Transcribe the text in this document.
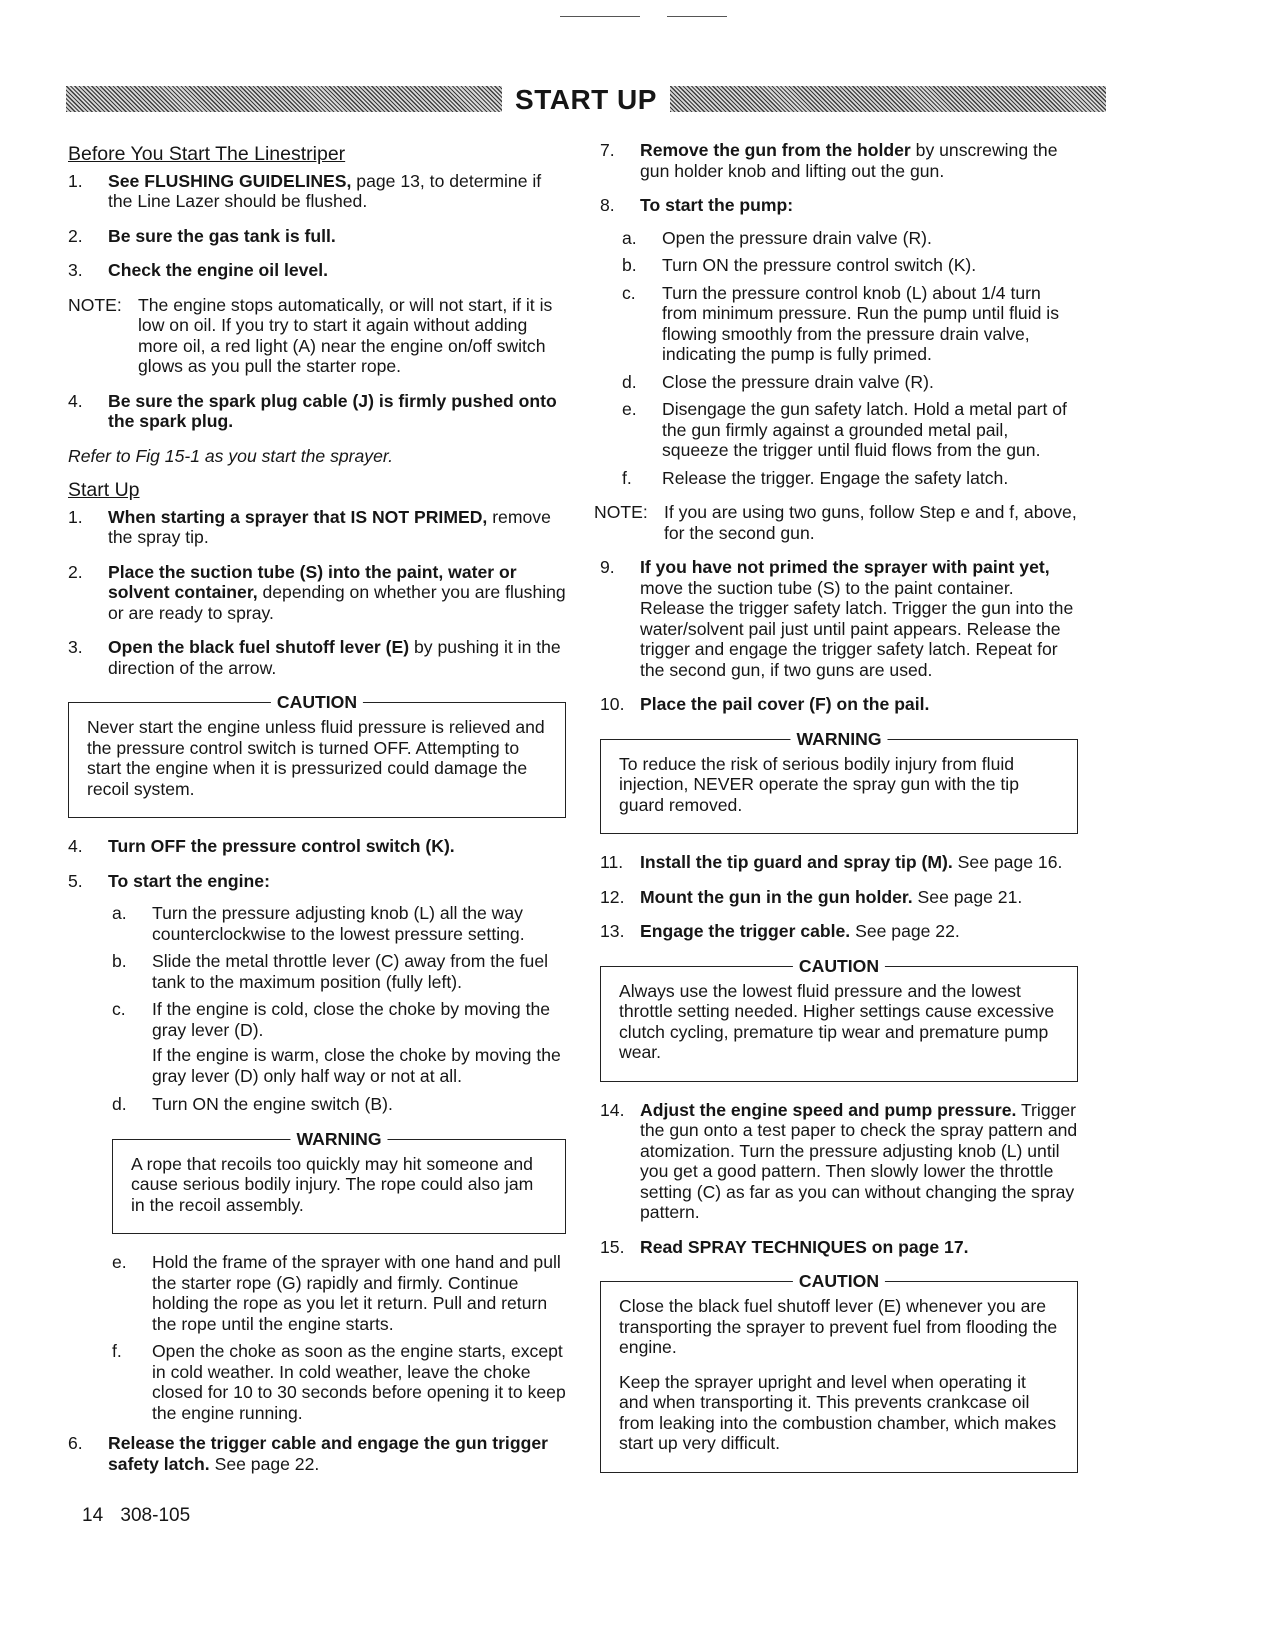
START UP
Before You Start The Linestriper
1. See FLUSHING GUIDELINES, page 13, to determine if the Line Lazer should be flushed.
2. Be sure the gas tank is full.
3. Check the engine oil level.
NOTE: The engine stops automatically, or will not start, if it is low on oil. If you try to start it again without adding more oil, a red light (A) near the engine on/off switch glows as you pull the starter rope.
4. Be sure the spark plug cable (J) is firmly pushed onto the spark plug.
Refer to Fig 15-1 as you start the sprayer.
Start Up
1. When starting a sprayer that IS NOT PRIMED, remove the spray tip.
2. Place the suction tube (S) into the paint, water or solvent container, depending on whether you are flushing or are ready to spray.
3. Open the black fuel shutoff lever (E) by pushing it in the direction of the arrow.
CAUTION
Never start the engine unless fluid pressure is relieved and the pressure control switch is turned OFF. Attempting to start the engine when it is pressurized could damage the recoil system.
4. Turn OFF the pressure control switch (K).
5. To start the engine:
a. Turn the pressure adjusting knob (L) all the way counterclockwise to the lowest pressure setting.
b. Slide the metal throttle lever (C) away from the fuel tank to the maximum position (fully left).
c. If the engine is cold, close the choke by moving the gray lever (D).
If the engine is warm, close the choke by moving the gray lever (D) only half way or not at all.
d. Turn ON the engine switch (B).
WARNING
A rope that recoils too quickly may hit someone and cause serious bodily injury. The rope could also jam in the recoil assembly.
e. Hold the frame of the sprayer with one hand and pull the starter rope (G) rapidly and firmly. Continue holding the rope as you let it return. Pull and return the rope until the engine starts.
f. Open the choke as soon as the engine starts, except in cold weather. In cold weather, leave the choke closed for 10 to 30 seconds before opening it to keep the engine running.
6. Release the trigger cable and engage the gun trigger safety latch. See page 22.
7. Remove the gun from the holder by unscrewing the gun holder knob and lifting out the gun.
8. To start the pump:
a. Open the pressure drain valve (R).
b. Turn ON the pressure control switch (K).
c. Turn the pressure control knob (L) about 1/4 turn from minimum pressure. Run the pump until fluid is flowing smoothly from the pressure drain valve, indicating the pump is fully primed.
d. Close the pressure drain valve (R).
e. Disengage the gun safety latch. Hold a metal part of the gun firmly against a grounded metal pail, squeeze the trigger until fluid flows from the gun.
f. Release the trigger. Engage the safety latch.
NOTE: If you are using two guns, follow Step e and f, above, for the second gun.
9. If you have not primed the sprayer with paint yet, move the suction tube (S) to the paint container. Release the trigger safety latch. Trigger the gun into the water/solvent pail just until paint appears. Release the trigger and engage the trigger safety latch. Repeat for the second gun, if two guns are used.
10. Place the pail cover (F) on the pail.
WARNING
To reduce the risk of serious bodily injury from fluid injection, NEVER operate the spray gun with the tip guard removed.
11. Install the tip guard and spray tip (M). See page 16.
12. Mount the gun in the gun holder. See page 21.
13. Engage the trigger cable. See page 22.
CAUTION
Always use the lowest fluid pressure and the lowest throttle setting needed. Higher settings cause excessive clutch cycling, premature tip wear and premature pump wear.
14. Adjust the engine speed and pump pressure. Trigger the gun onto a test paper to check the spray pattern and atomization. Turn the pressure adjusting knob (L) until you get a good pattern. Then slowly lower the throttle setting (C) as far as you can without changing the spray pattern.
15. Read SPRAY TECHNIQUES on page 17.
CAUTION
Close the black fuel shutoff lever (E) whenever you are transporting the sprayer to prevent fuel from flooding the engine.
Keep the sprayer upright and level when operating it and when transporting it. This prevents crankcase oil from leaking into the combustion chamber, which makes start up very difficult.
14 308-105
